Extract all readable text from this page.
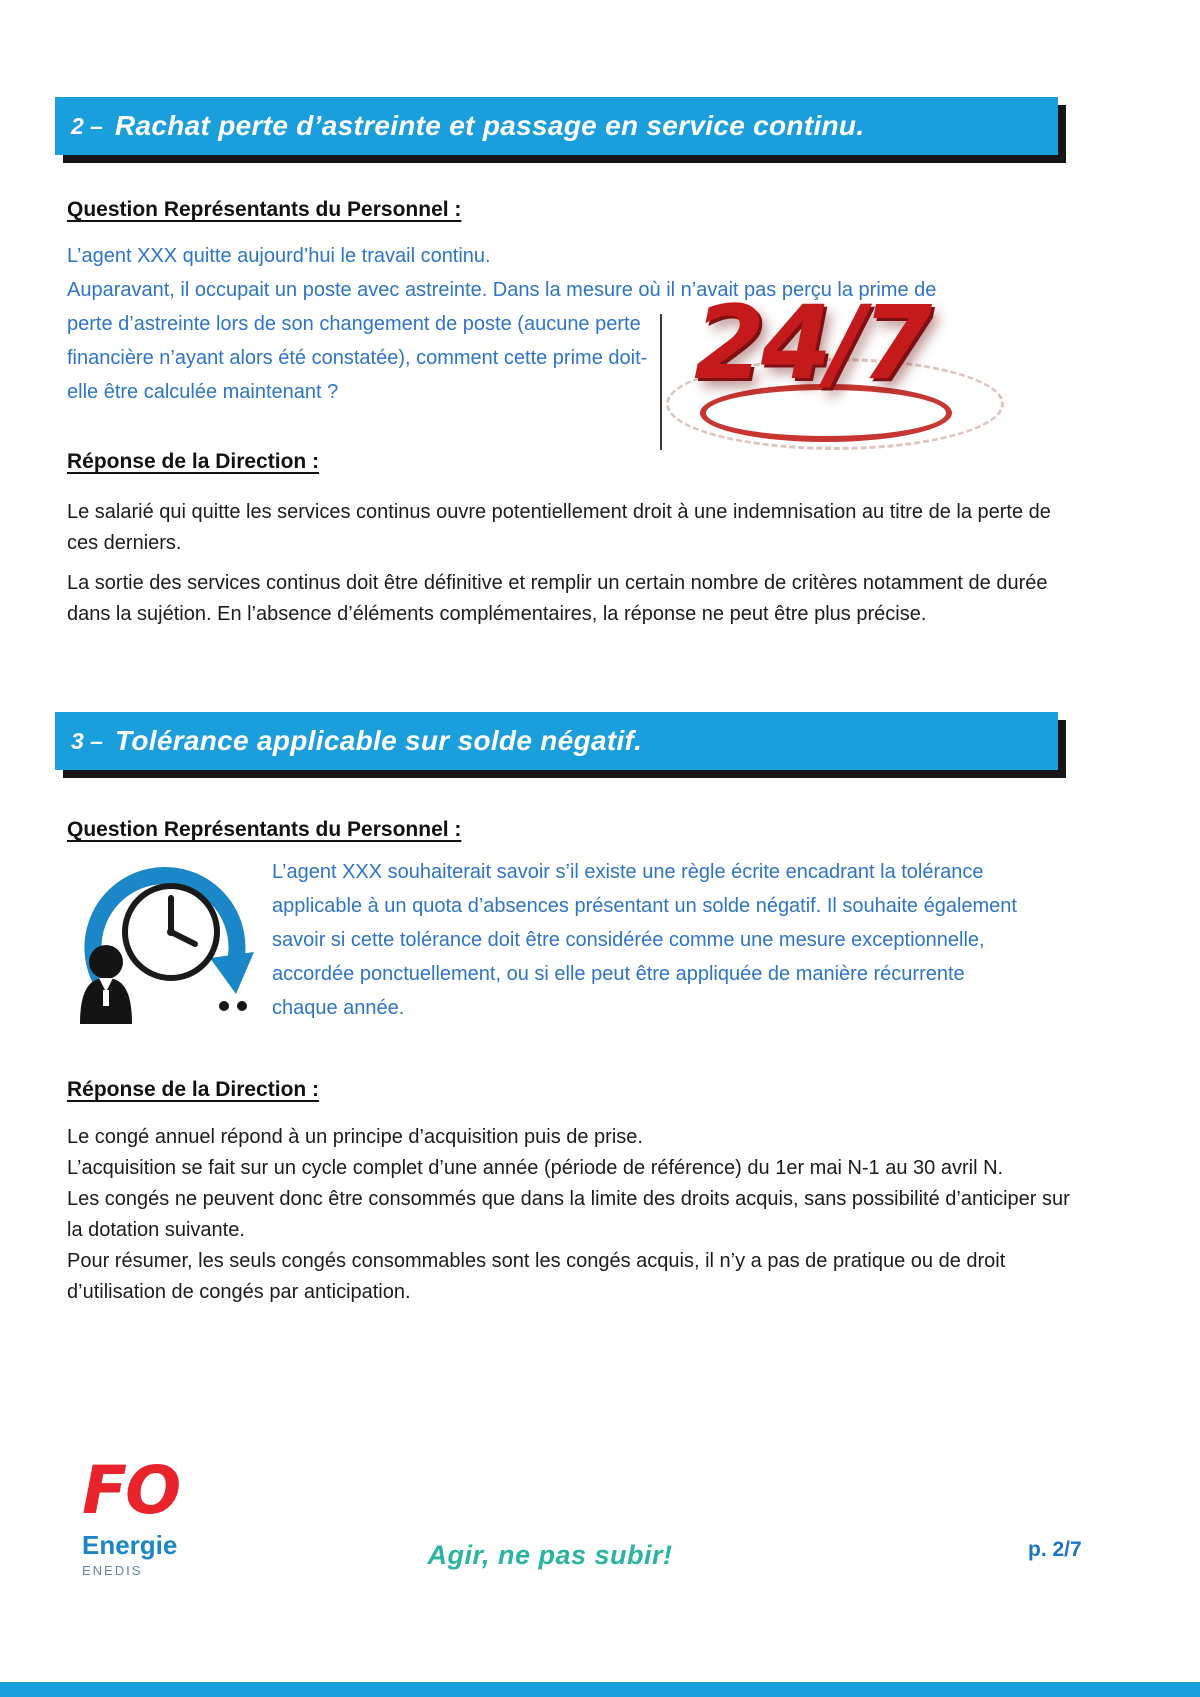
2 – Rachat perte d’astreinte et passage en service continu.
Question Représentants du Personnel :
L’agent XXX quitte aujourd’hui le travail continu.
Auparavant, il occupait un poste avec astreinte. Dans la mesure où il n’avait pas perçu la prime de
perte d’astreinte lors de son changement de poste (aucune perte financière n’ayant alors été constatée), comment cette prime doit-elle être calculée maintenant ?	24/7
Réponse de la Direction :
Le salarié qui quitte les services continus ouvre potentiellement droit à une indemnisation au titre de la perte de ces derniers.
La sortie des services continus doit être définitive et remplir un certain nombre de critères notamment de durée dans la sujétion. En l’absence d’éléments complémentaires, la réponse ne peut être plus précise.
3 – Tolérance applicable sur solde négatif.
Question Représentants du Personnel :
L’agent XXX souhaiterait savoir s’il existe une règle écrite encadrant la tolérance applicable à un quota d’absences présentant un solde négatif. Il souhaite également savoir si cette tolérance doit être considérée comme une mesure exceptionnelle, accordée ponctuellement, ou si elle peut être appliquée de manière récurrente chaque année.
Réponse de la Direction :
Le congé annuel répond à un principe d’acquisition puis de prise.
L’acquisition se fait sur un cycle complet d’une année (période de référence) du 1er mai N-1 au 30 avril N.
Les congés ne peuvent donc être consommés que dans la limite des droits acquis, sans possibilité d’anticiper sur la dotation suivante.
Pour résumer, les seuls congés consommables sont les congés acquis, il n’y a pas de pratique ou de droit d’utilisation de congés par anticipation.
FO
Energie
ENEDIS
Agir, ne pas subir!	p. 2/7
